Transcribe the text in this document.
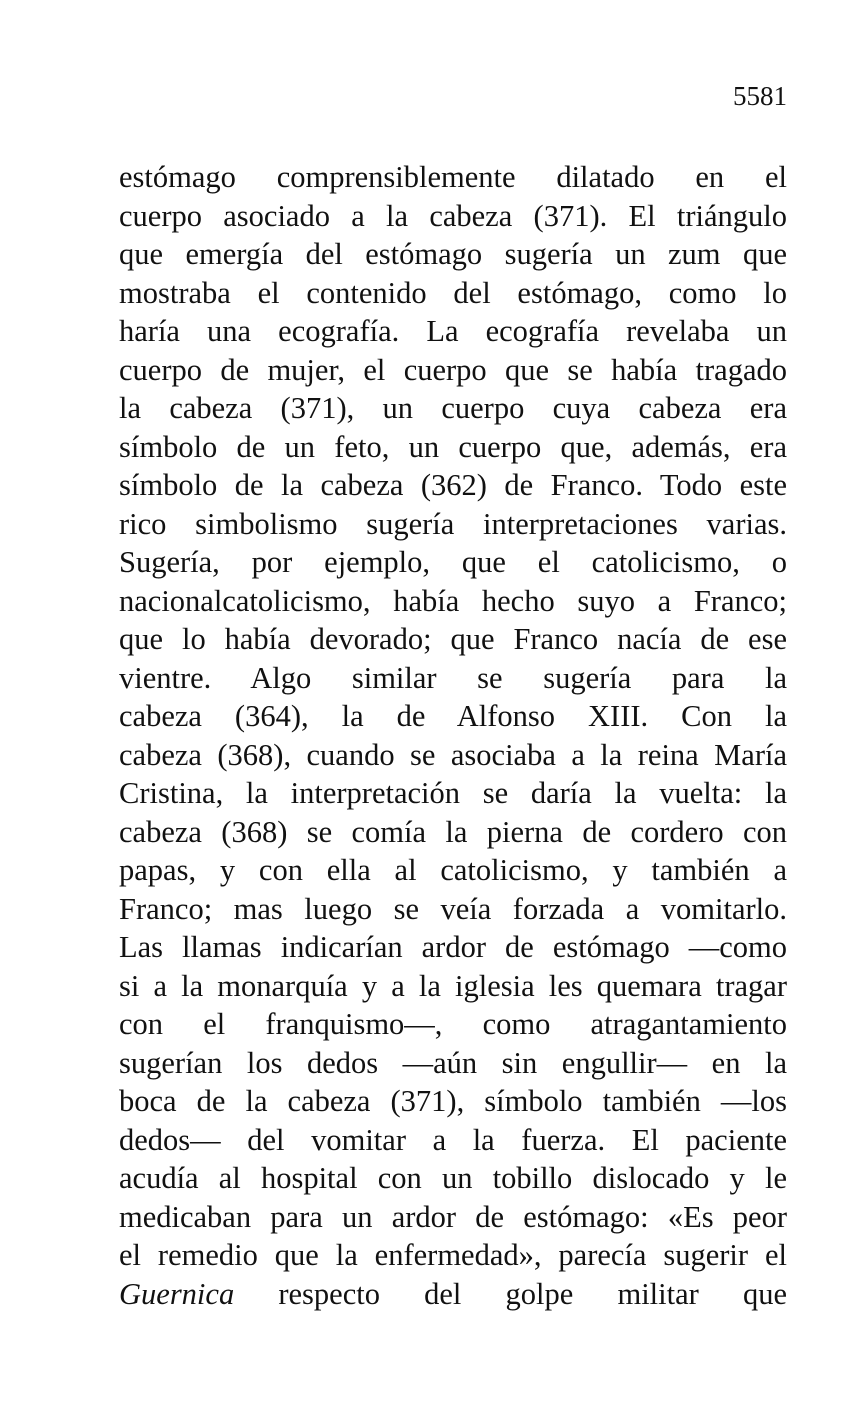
5581
estómago comprensiblemente dilatado en el
cuerpo asociado a la cabeza (371). El triángulo
que emergía del estómago sugería un zum que
mostraba el contenido del estómago, como lo
haría una ecografía. La ecografía revelaba un
cuerpo de mujer, el cuerpo que se había tragado
la cabeza (371), un cuerpo cuya cabeza era
símbolo de un feto, un cuerpo que, además, era
símbolo de la cabeza (362) de Franco. Todo este
rico simbolismo sugería interpretaciones varias.
Sugería, por ejemplo, que el catolicismo, o
nacionalcatolicismo, había hecho suyo a Franco;
que lo había devorado; que Franco nacía de ese
vientre. Algo similar se sugería para la
cabeza (364), la de Alfonso XIII. Con la
cabeza (368), cuando se asociaba a la reina María
Cristina, la interpretación se daría la vuelta: la
cabeza (368) se comía la pierna de cordero con
papas, y con ella al catolicismo, y también a
Franco; mas luego se veía forzada a vomitarlo.
Las llamas indicarían ardor de estómago —como
si a la monarquía y a la iglesia les quemara tragar
con el franquismo—, como atragantamiento
sugerían los dedos —aún sin engullir— en la
boca de la cabeza (371), símbolo también —los
dedos— del vomitar a la fuerza. El paciente
acudía al hospital con un tobillo dislocado y le
medicaban para un ardor de estómago: «Es peor
el remedio que la enfermedad», parecía sugerir el
Guernica respecto del golpe militar que
